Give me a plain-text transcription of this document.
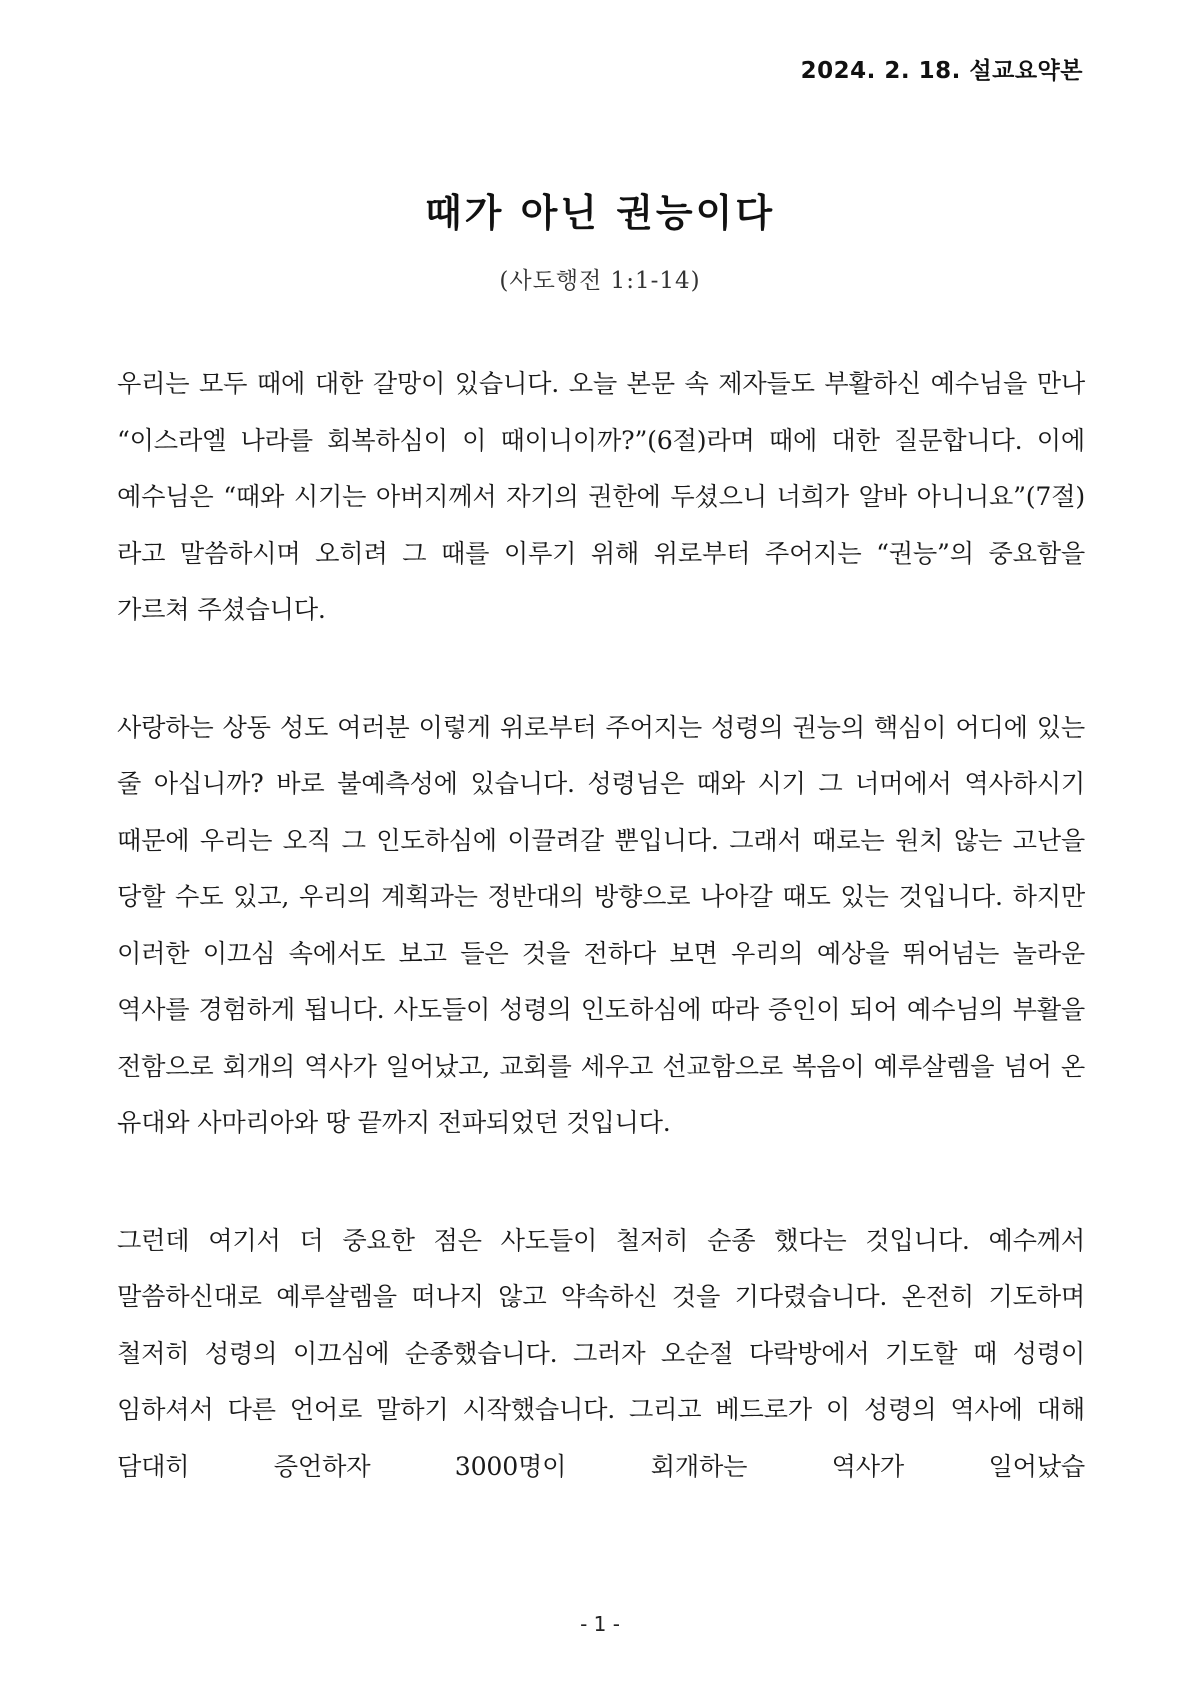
2024. 2. 18. 설교요약본
때가 아닌 권능이다
(사도행전 1:1-14)

우리는 모두 때에 대한 갈망이 있습니다. 오늘 본문 속 제자들도 부활하신 예수님을 만나 “이스라엘 나라를 회복하심이 이 때이니이까?”(6절)라며 때에 대한 질문합니다. 이에 예수님은 “때와 시기는 아버지께서 자기의 권한에 두셨으니 너희가 알바 아니니요”(7절)라고 말씀하시며 오히려 그 때를 이루기 위해 위로부터 주어지는 “권능”의 중요함을 가르쳐 주셨습니다.

사랑하는 상동 성도 여러분 이렇게 위로부터 주어지는 성령의 권능의 핵심이 어디에 있는 줄 아십니까? 바로 불예측성에 있습니다. 성령님은 때와 시기 그 너머에서 역사하시기 때문에 우리는 오직 그 인도하심에 이끌려갈 뿐입니다. 그래서 때로는 원치 않는 고난을 당할 수도 있고, 우리의 계획과는 정반대의 방향으로 나아갈 때도 있는 것입니다. 하지만 이러한 이끄심 속에서도 보고 들은 것을 전하다 보면 우리의 예상을 뛰어넘는 놀라운 역사를 경험하게 됩니다. 사도들이 성령의 인도하심에 따라 증인이 되어 예수님의 부활을 전함으로 회개의 역사가 일어났고, 교회를 세우고 선교함으로 복음이 예루살렘을 넘어 온 유대와 사마리아와 땅 끝까지 전파되었던 것입니다.

그런데 여기서 더 중요한 점은 사도들이 철저히 순종 했다는 것입니다. 예수께서 말씀하신대로 예루살렘을 떠나지 않고 약속하신 것을 기다렸습니다. 온전히 기도하며 철저히 성령의 이끄심에 순종했습니다. 그러자 오순절 다락방에서 기도할 때 성령이 임하셔서 다른 언어로 말하기 시작했습니다. 그리고 베드로가 이 성령의 역사에 대해 담대히 증언하자 3000명이 회개하는 역사가 일어났습

- 1 -
